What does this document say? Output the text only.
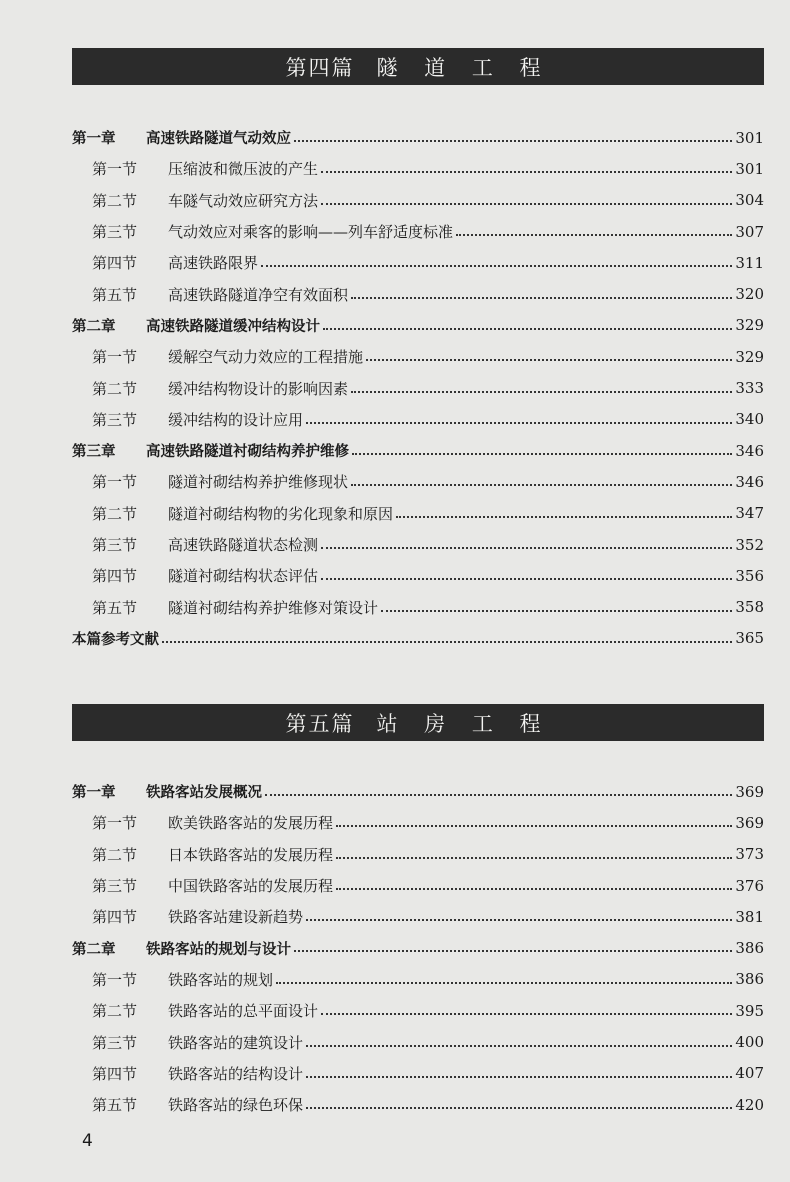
第四篇 隧 道 工 程
第一章	高速铁路隧道气动效应	301
第一节	压缩波和微压波的产生	301
第二节	车隧气动效应研究方法	304
第三节	气动效应对乘客的影响——列车舒适度标准	307
第四节	高速铁路限界	311
第五节	高速铁路隧道净空有效面积	320
第二章	高速铁路隧道缓冲结构设计	329
第一节	缓解空气动力效应的工程措施	329
第二节	缓冲结构物设计的影响因素	333
第三节	缓冲结构的设计应用	340
第三章	高速铁路隧道衬砌结构养护维修	346
第一节	隧道衬砌结构养护维修现状	346
第二节	隧道衬砌结构物的劣化现象和原因	347
第三节	高速铁路隧道状态检测	352
第四节	隧道衬砌结构状态评估	356
第五节	隧道衬砌结构养护维修对策设计	358
本篇参考文献	365
第五篇 站 房 工 程
第一章	铁路客站发展概况	369
第一节	欧美铁路客站的发展历程	369
第二节	日本铁路客站的发展历程	373
第三节	中国铁路客站的发展历程	376
第四节	铁路客站建设新趋势	381
第二章	铁路客站的规划与设计	386
第一节	铁路客站的规划	386
第二节	铁路客站的总平面设计	395
第三节	铁路客站的建筑设计	400
第四节	铁路客站的结构设计	407
第五节	铁路客站的绿色环保	420
4
